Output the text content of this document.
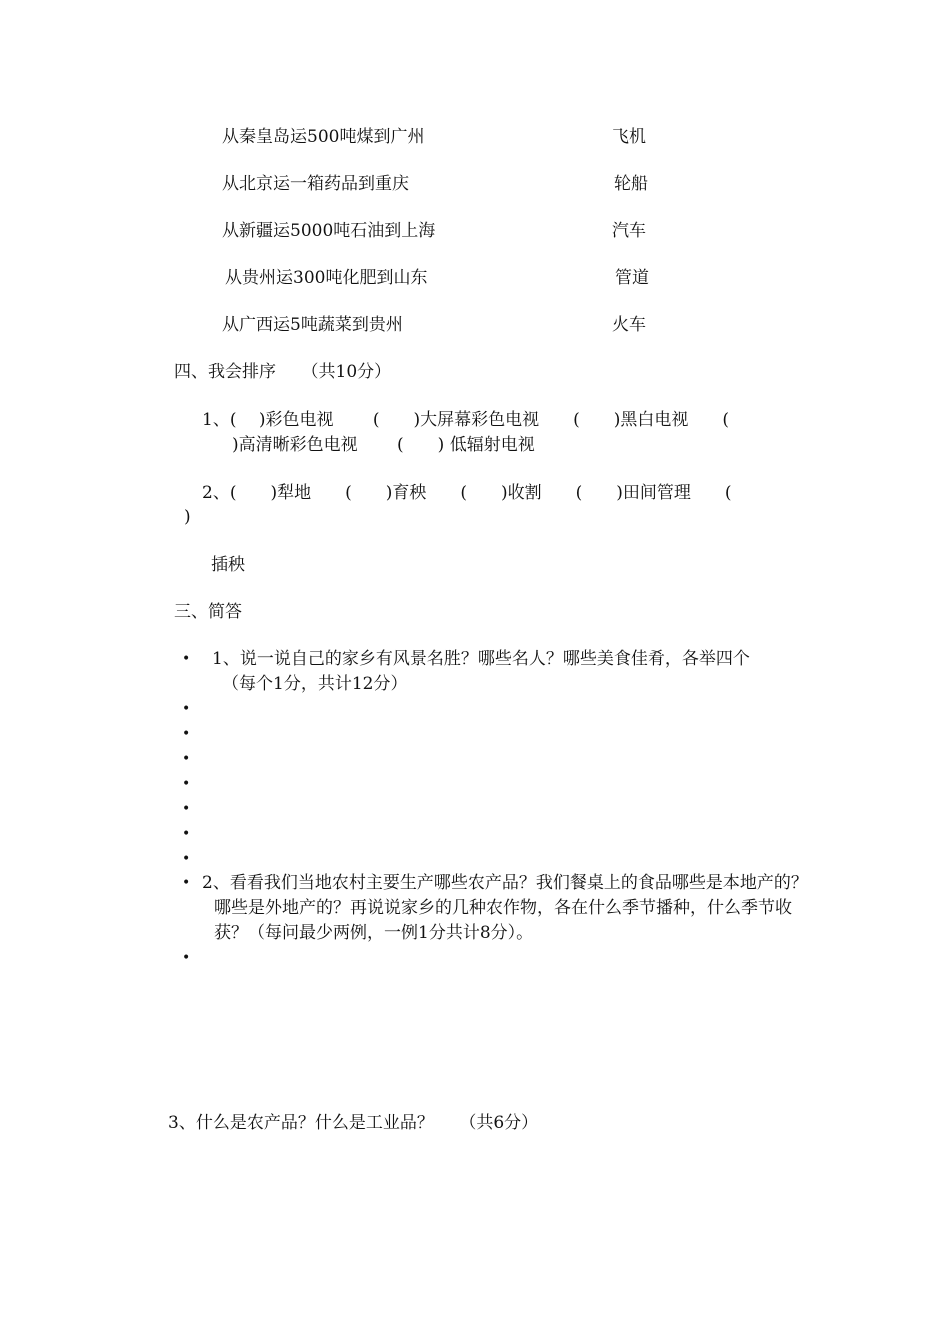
从秦皇岛运500吨煤到广州	飞机
从北京运一箱药品到重庆	轮船
从新疆运5000吨石油到上海	汽车
从贵州运300吨化肥到山东	管道
从广西运5吨蔬菜到贵州	火车
四、我会排序　　（共10分）
1、(　 )彩色电视　　 (　　)大屏幕彩色电视　　(　　)黑白电视　　(
)高清晰彩色电视　　 (　　) 低辐射电视
2、(　　)犁地　　(　　)育秧　　(　　)收割　　(　　)田间管理　　(
)
插秧
三、简答
• 1、说一说自己的家乡有风景名胜？哪些名人？哪些美食佳肴，各举四个
（每个1分，共计12分）
•
•
•
•
•
•
•
• 2、看看我们当地农村主要生产哪些农产品？我们餐桌上的食品哪些是本地产的？哪些是外地产的？再说说家乡的几种农作物，各在什么季节播种，什么季节收获？（每问最少两例，一例1分共计8分）。
•
3、什么是农产品？什么是工业品？　　（共6分）
